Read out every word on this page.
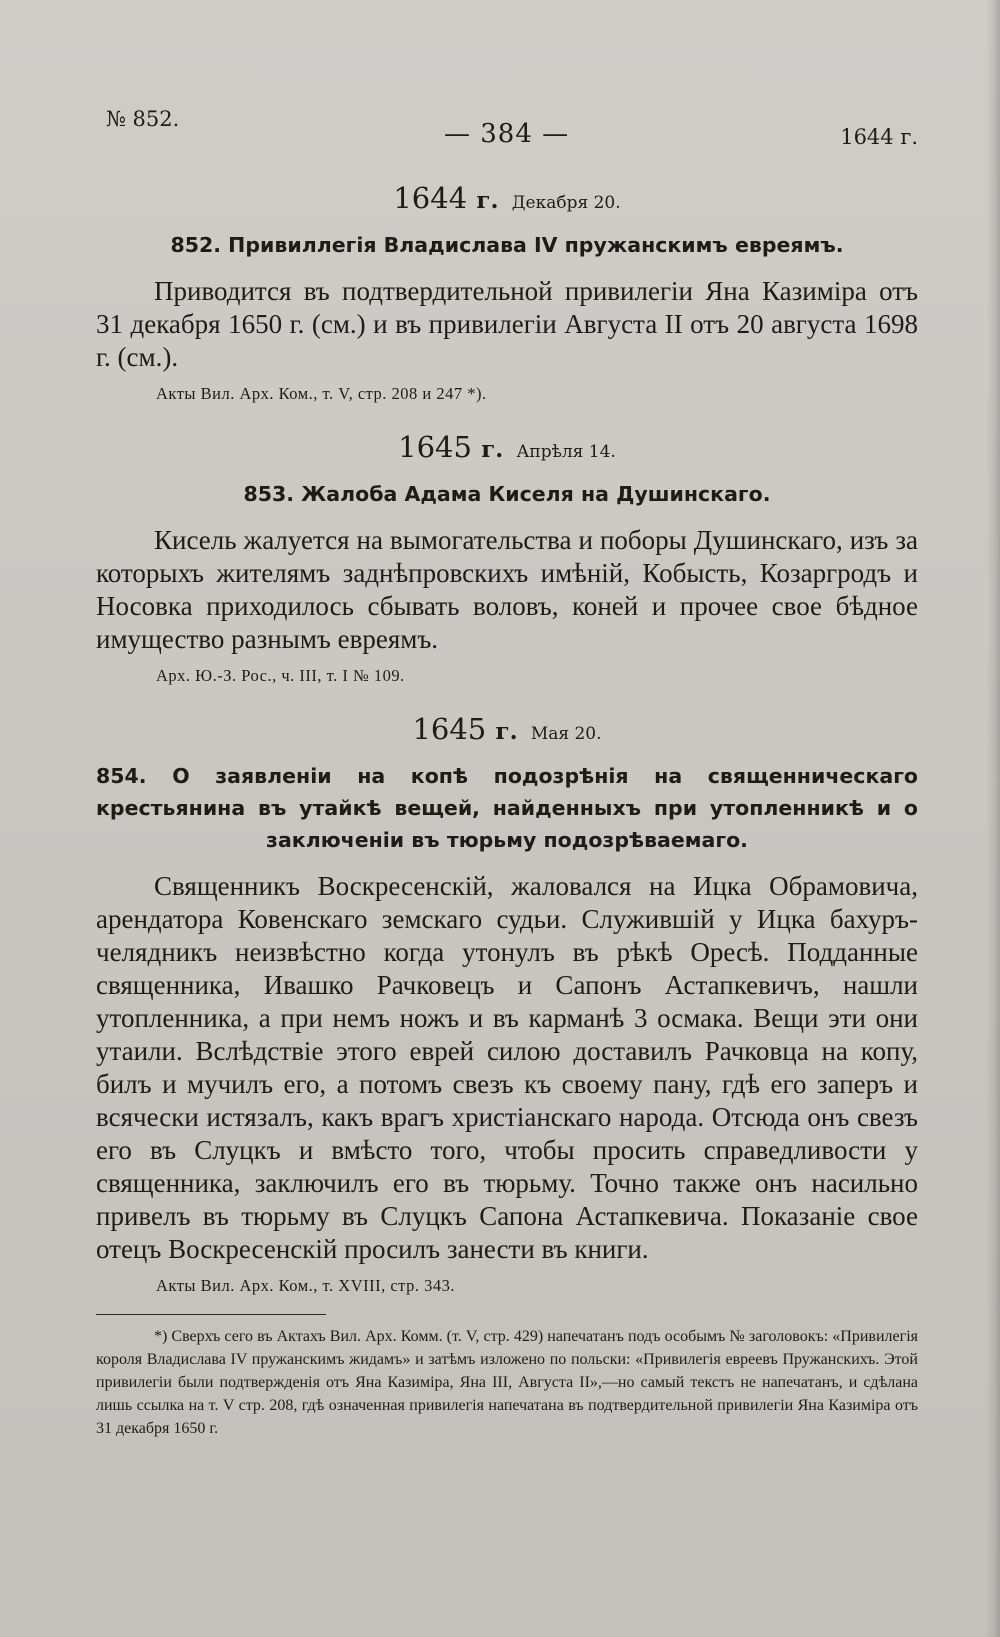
№ 852.	— 384 —	1644 г.
1644 г. Декабря 20.
852. Привиллегія Владислава IV пружанскимъ евреямъ.

Приводится въ подтвердительной привилегіи Яна Казиміра отъ 31 декабря 1650 г. (см.) и въ привилегіи Августа II отъ 20 августа 1698 г. (см.).

Акты Вил. Арх. Ком., т. V, стр. 208 и 247 *).
1645 г. Апрѣля 14.
853. Жалоба Адама Киселя на Душинскаго.

Кисель жалуется на вымогательства и поборы Душинскаго, изъ за которыхъ жителямъ заднѣпровскихъ имѣній, Кобысть, Козаргродъ и Носовка приходилось сбывать воловъ, коней и прочее свое бѣдное имущество разнымъ евреямъ.

Арх. Ю.-З. Рос., ч. III, т. I № 109.
1645 г. Мая 20.
854. О заявленіи на копѣ подозрѣнія на священническаго крестьянина въ утайкѣ вещей, найденныхъ при утопленникѣ и о заключеніи въ тюрьму подозрѣваемаго.

Священникъ Воскресенскій, жаловался на Ицка Обрамовича, арендатора Ковенскаго земскаго судьи. Служившій у Ицка бахуръ-челядникъ неизвѣстно когда утонулъ въ рѣкѣ Оресѣ. Подданные священника, Ивашко Рачковецъ и Сапонъ Астапкевичъ, нашли утопленника, а при немъ ножъ и въ карманѣ 3 осмака. Вещи эти они утаили. Вслѣдствіе этого еврей силою доставилъ Рачковца на копу, билъ и мучилъ его, а потомъ свезъ къ своему пану, гдѣ его заперъ и всячески истязалъ, какъ врагъ христіанскаго народа. Отсюда онъ свезъ его въ Слуцкъ и вмѣсто того, чтобы просить справедливости у священника, заключилъ его въ тюрьму. Точно также онъ насильно привелъ въ тюрьму въ Слуцкъ Сапона Астапкевича. Показаніе свое отецъ Воскресенскій просилъ занести въ книги.

Акты Вил. Арх. Ком., т. XVIII, стр. 343.

*) Сверхъ сего въ Актахъ Вил. Арх. Комм. (т. V, стр. 429) напечатанъ подъ особымъ № заголовокъ: «Привилегія короля Владислава IV пружанскимъ жидамъ» и затѣмъ изложено по польски: «Привилегія евреевъ Пружанскихъ. Этой привилегіи были подтвержденія отъ Яна Казиміра, Яна III, Августа II»,—но самый текстъ не напечатанъ, и сдѣлана лишь ссылка на т. V стр. 208, гдѣ означенная привилегія напечатана въ подтвердительной привилегіи Яна Казиміра отъ 31 декабря 1650 г.
